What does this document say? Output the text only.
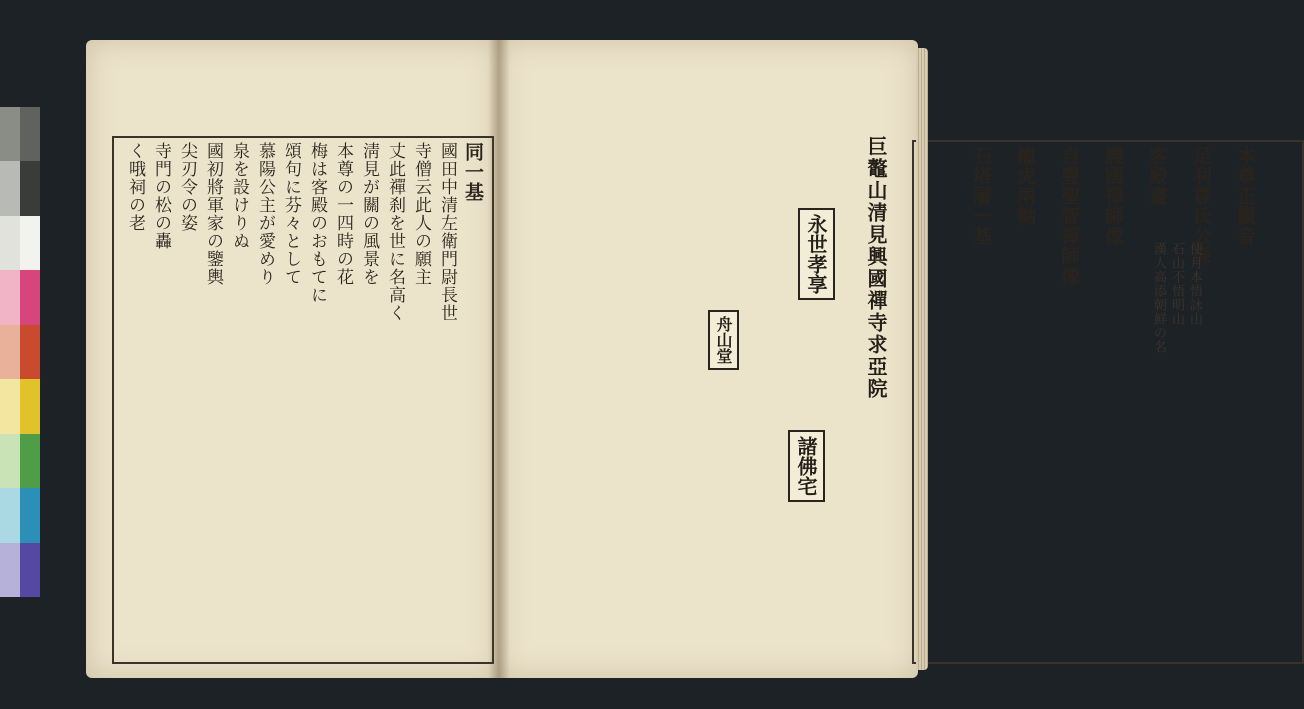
同一基
國田中清左衛門尉長世
寺僧云此人の願主
丈此禪刹を世に名高く
淸見が關の風景を
本尊の一四時の花
梅は客殿のおもてに
頌句に芬々として
慕陽公主が愛めり
泉を設けりぬ
國初將軍家の鑒輿
尖刃令の姿
寺門の松の轟
く哦祠の老	本尊正觀音
足利尊氏公像
客殿畫
護國禪師像
自豐聖智禪師像
龍虎兩軸
石塔層一基
使月本悟詠山
石山不悟明山
漢人高添朝鮮の名
巨鼇山清見興國禪寺求亞院
永世孝享
諸佛宅
舟山堂
